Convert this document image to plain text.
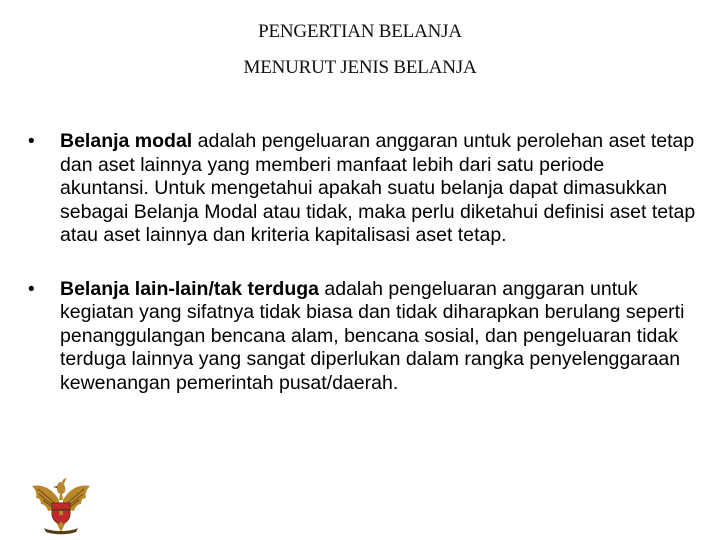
PENGERTIAN BELANJA
MENURUT JENIS BELANJA
•	Belanja modal adalah pengeluaran anggaran untuk perolehan aset tetap dan aset lainnya yang memberi manfaat lebih dari satu periode akuntansi. Untuk mengetahui apakah suatu belanja dapat dimasukkan sebagai Belanja Modal atau tidak, maka perlu diketahui definisi aset tetap atau aset lainnya dan kriteria kapitalisasi aset tetap.
•	Belanja lain-lain/tak terduga adalah pengeluaran anggaran untuk kegiatan yang sifatnya tidak biasa dan tidak diharapkan berulang seperti penanggulangan bencana alam, bencana sosial, dan pengeluaran tidak terduga lainnya yang sangat diperlukan dalam rangka penyelenggaraan kewenangan pemerintah pusat/daerah.
